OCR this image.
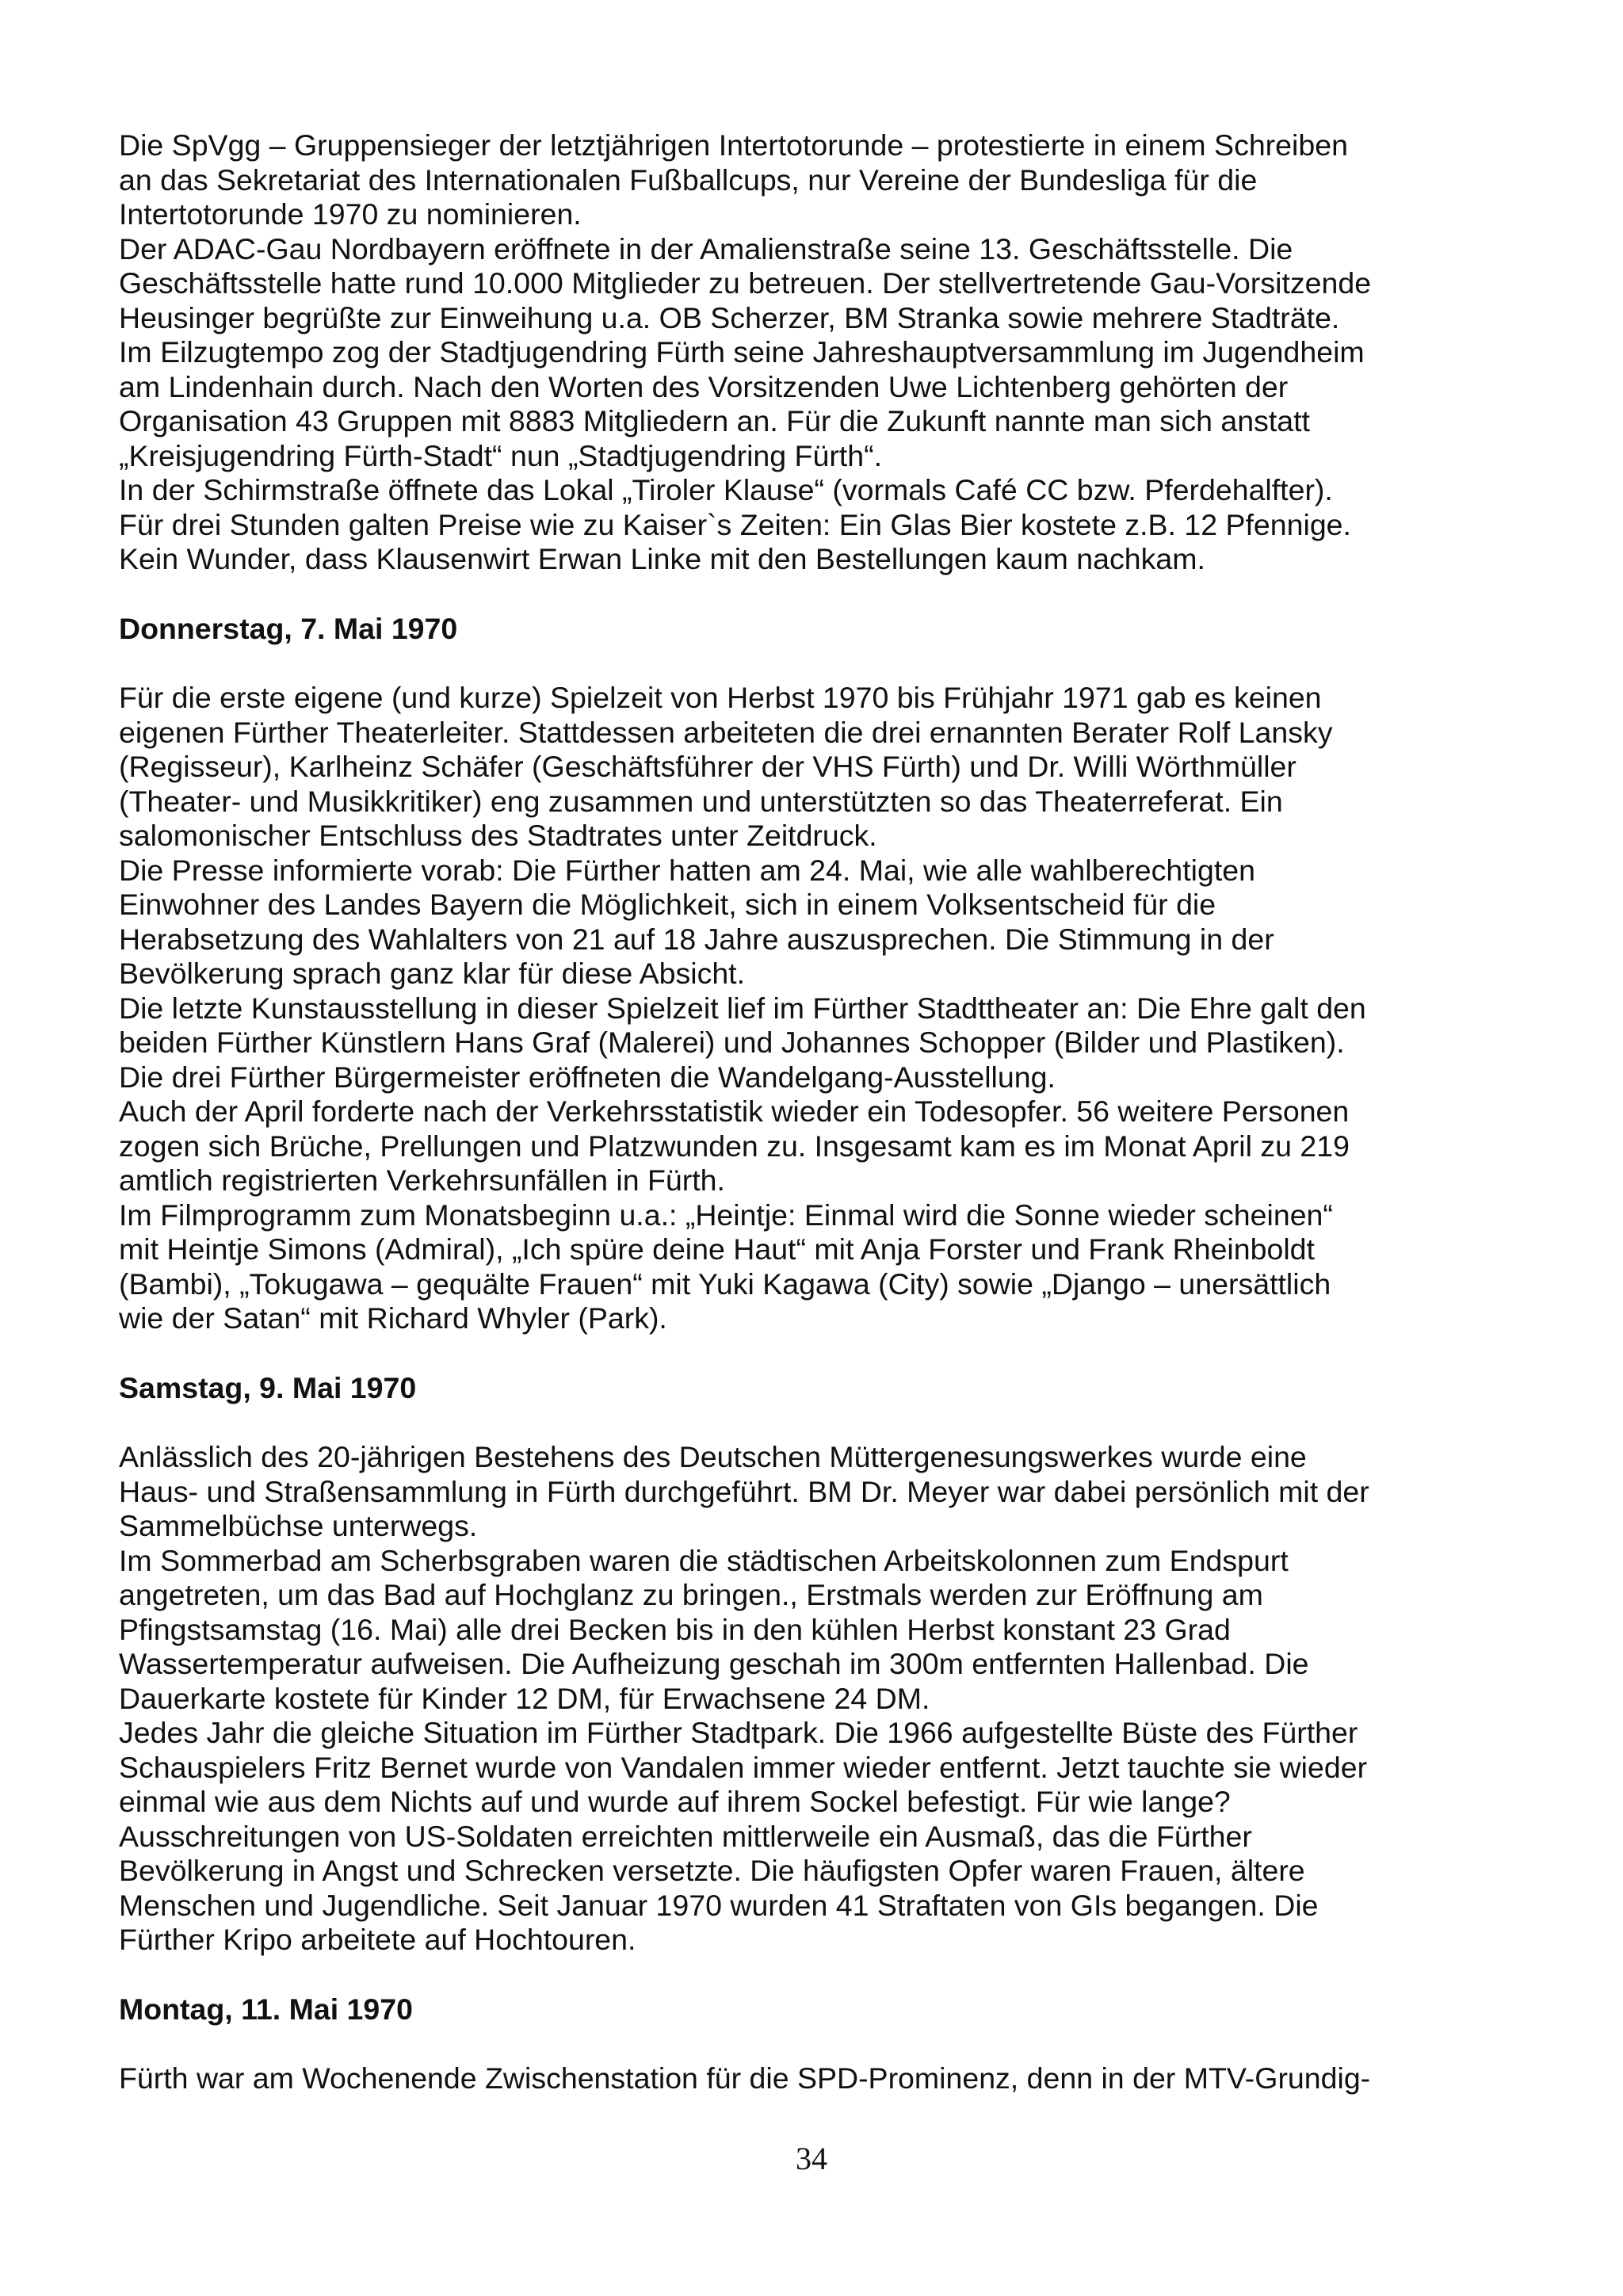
Die SpVgg – Gruppensieger der letztjährigen Intertotorunde – protestierte in einem Schreiben
an das Sekretariat des Internationalen Fußballcups, nur Vereine der Bundesliga für die
Intertotorunde 1970 zu nominieren.
Der ADAC-Gau Nordbayern eröffnete in der Amalienstraße seine 13. Geschäftsstelle. Die
Geschäftsstelle hatte rund 10.000 Mitglieder zu betreuen. Der stellvertretende Gau-Vorsitzende
Heusinger begrüßte zur Einweihung u.a. OB Scherzer, BM Stranka sowie mehrere Stadträte.
Im Eilzugtempo zog der Stadtjugendring Fürth seine Jahreshauptversammlung im Jugendheim
am Lindenhain durch. Nach den Worten des Vorsitzenden Uwe Lichtenberg gehörten der
Organisation 43 Gruppen mit 8883 Mitgliedern an. Für die Zukunft nannte man sich anstatt
„Kreisjugendring Fürth-Stadt“ nun „Stadtjugendring Fürth“.
In der Schirmstraße öffnete das Lokal „Tiroler Klause“ (vormals Café CC bzw. Pferdehalfter).
Für drei Stunden galten Preise wie zu Kaiser`s Zeiten: Ein Glas Bier kostete z.B. 12 Pfennige.
Kein Wunder, dass Klausenwirt Erwan Linke mit den Bestellungen kaum nachkam.
Donnerstag, 7. Mai 1970
Für die erste eigene (und kurze) Spielzeit von Herbst 1970 bis Frühjahr 1971 gab es keinen
eigenen Fürther Theaterleiter. Stattdessen arbeiteten die drei ernannten Berater Rolf Lansky
(Regisseur), Karlheinz Schäfer (Geschäftsführer der VHS Fürth) und Dr. Willi Wörthmüller
(Theater- und Musikkritiker) eng zusammen und unterstützten so das Theaterreferat. Ein
salomonischer Entschluss des Stadtrates unter Zeitdruck.
Die Presse informierte vorab: Die Fürther hatten am 24. Mai, wie alle wahlberechtigten
Einwohner des Landes Bayern die Möglichkeit, sich in einem Volksentscheid für die
Herabsetzung des Wahlalters von 21 auf 18 Jahre auszusprechen. Die Stimmung in der
Bevölkerung sprach ganz klar für diese Absicht.
Die letzte Kunstausstellung in dieser Spielzeit lief im Fürther Stadttheater an: Die Ehre galt den
beiden Fürther Künstlern Hans Graf (Malerei) und Johannes Schopper (Bilder und Plastiken).
Die drei Fürther Bürgermeister eröffneten die Wandelgang-Ausstellung.
Auch der April forderte nach der Verkehrsstatistik wieder ein Todesopfer. 56 weitere Personen
zogen sich Brüche, Prellungen und Platzwunden zu. Insgesamt kam es im Monat April zu 219
amtlich registrierten Verkehrsunfällen in Fürth.
Im Filmprogramm zum Monatsbeginn u.a.: „Heintje: Einmal wird die Sonne wieder scheinen“
mit Heintje Simons (Admiral), „Ich spüre deine Haut“ mit Anja Forster und Frank Rheinboldt
(Bambi), „Tokugawa – gequälte Frauen“ mit Yuki Kagawa (City) sowie „Django – unersättlich
wie der Satan“ mit Richard Whyler (Park).
Samstag, 9. Mai 1970
Anlässlich des 20-jährigen Bestehens des Deutschen Müttergenesungswerkes wurde eine
Haus- und Straßensammlung in Fürth durchgeführt. BM Dr. Meyer war dabei persönlich mit der
Sammelbüchse unterwegs.
Im Sommerbad am Scherbsgraben waren die städtischen Arbeitskolonnen zum Endspurt
angetreten, um das Bad auf Hochglanz zu bringen., Erstmals werden zur Eröffnung am
Pfingstsamstag (16. Mai) alle drei Becken bis in den kühlen Herbst konstant 23 Grad
Wassertemperatur aufweisen. Die Aufheizung geschah im 300m entfernten Hallenbad. Die
Dauerkarte kostete für Kinder 12 DM, für Erwachsene 24 DM.
Jedes Jahr die gleiche Situation im Fürther Stadtpark. Die 1966 aufgestellte Büste des Fürther
Schauspielers Fritz Bernet wurde von Vandalen immer wieder entfernt. Jetzt tauchte sie wieder
einmal wie aus dem Nichts auf und wurde auf ihrem Sockel befestigt. Für wie lange?
Ausschreitungen von US-Soldaten erreichten mittlerweile ein Ausmaß, das die Fürther
Bevölkerung in Angst und Schrecken versetzte. Die häufigsten Opfer waren Frauen, ältere
Menschen und Jugendliche. Seit Januar 1970 wurden 41 Straftaten von GIs begangen. Die
Fürther Kripo arbeitete auf Hochtouren.
Montag, 11. Mai 1970
Fürth war am Wochenende Zwischenstation für die SPD-Prominenz, denn in der MTV-Grundig-
34
